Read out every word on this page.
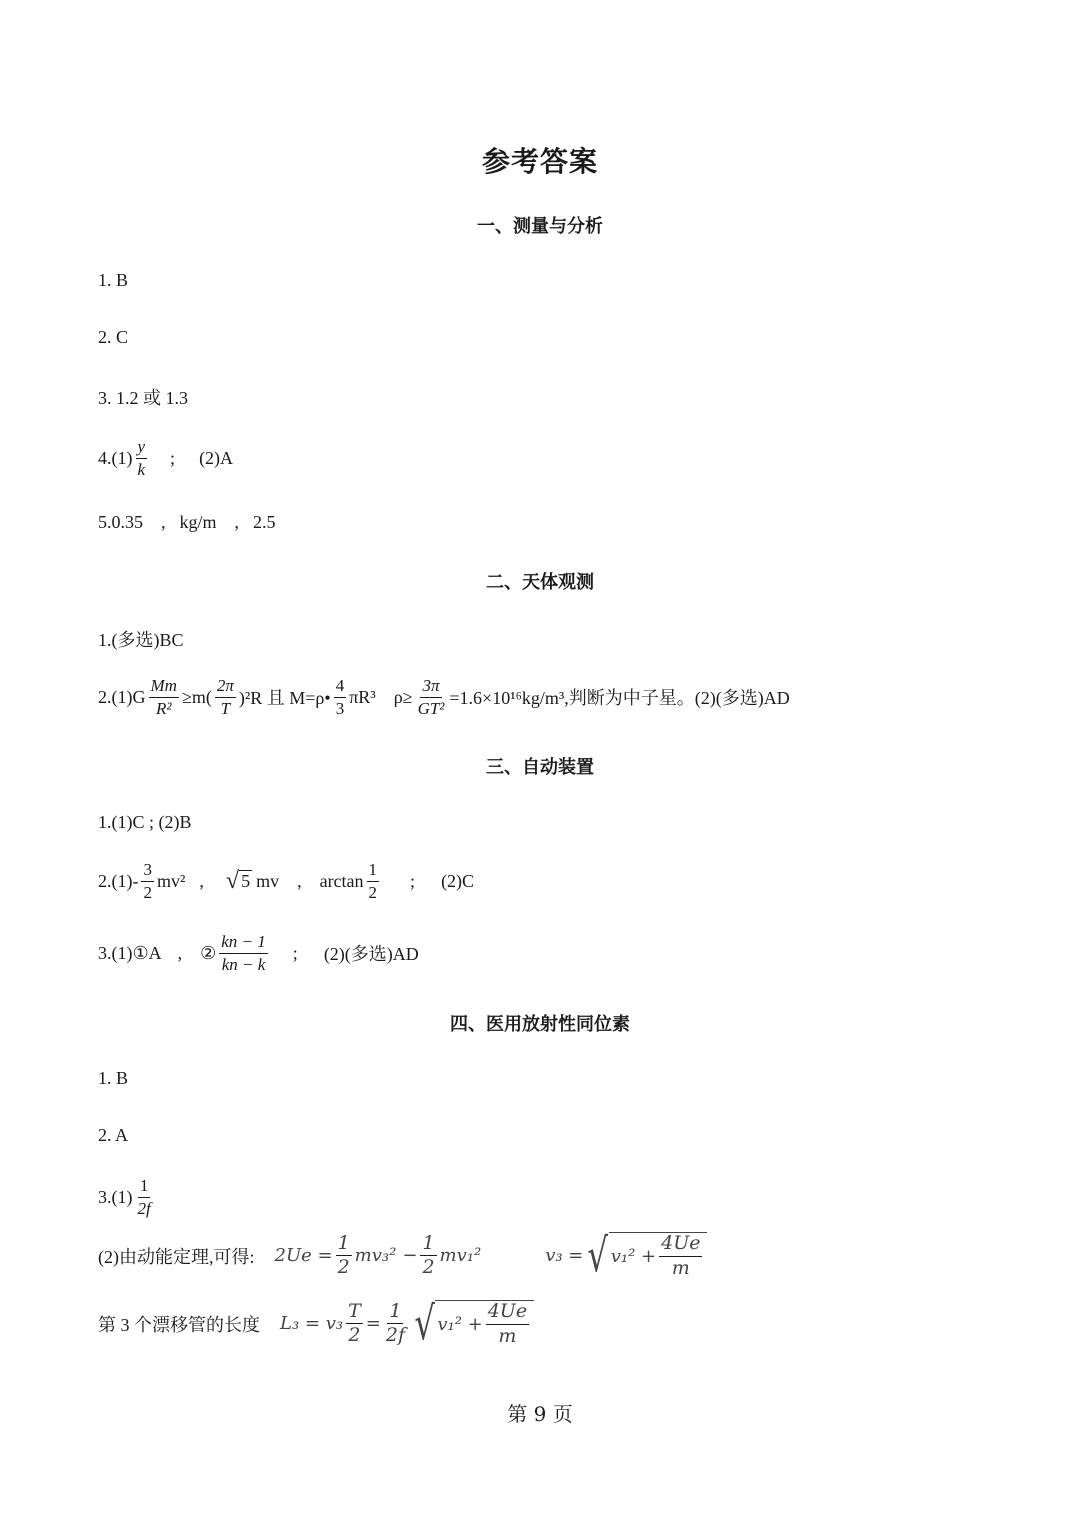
参考答案
一、测量与分析
1. B
2. C
3. 1.2 或 1.3
$4.(1) \frac{y}{k}$ ; (2)A
5.0.35 , kg/m , 2.5
二、天体观测
1.(多选)BC
$2.(1)G \frac{Mm}{\text{R²}} \ge m( \frac{2\pi}{T} )^2R$ 且 M=ρ• $\frac{4}{3} \pi R^3$ $\rho\ge \frac{3\pi}{\text{GT²}} =1.6\times 10^{16}kg/m^3$,判断为中子星。(2)(多选)AD
三、自动装置
1.(1)C ; (2)B
$2.(1)- \frac{3}{2} mv^2$ , √ 5 mv , $\arctan \frac{1}{2}$ ; (2)C
3.(1)①A , ② $\frac{kn - 1}{kn - k}$ ; (2)(多选)AD
四、医用放射性同位素
1. B
2. A
$3.(1) \frac{1}{2f}$
(2)由动能定理,可得: $2Ue = \frac{1}{2} mv_3^2 - \frac{1}{2} mv_1^2$	v₃ = √ $v_1^2 + \frac{4Ue}{m}$
第 3 个漂移管的长度 $L_3 = v_3 \frac{T}{2} = \frac{1}{2f}$ √ $v_1^2 + \frac{4Ue}{m}$
第 9 页
